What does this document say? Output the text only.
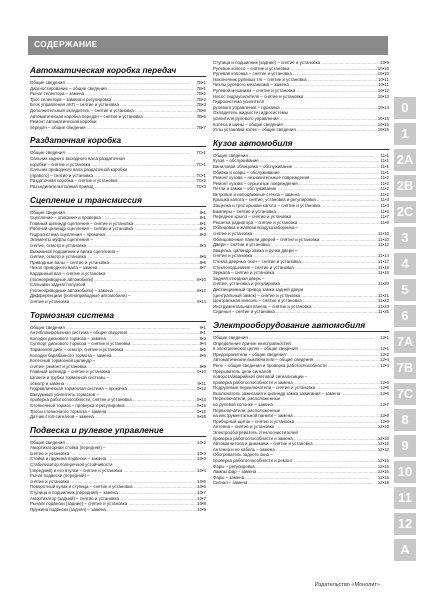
СОДЕРЖАНИЕ
Автоматическая коробка передач
Общие сведения .....	7B•1
Диагностирование – общие сведения .....	7B•1
Рычаг селектора – замена .....	7B•2
Трос селектора – замена и регулировка .....	7B•2
Блок управления АКП – снятие и установка .....	7B•3
Дополнительный охладитель – снятие и установка .....	7B•5
Автоматическая коробка передач – снятие и установка .....	7B•5
Ремонт автоматической коробки
передач – общие сведения .....	7B•7
Раздаточная коробка
Общие сведения .....	7C•1
Сальник заднего выходного вала раздаточной
коробки – снятие и установка .....	7C•1
Сальник приводного вала раздаточной коробки
(правого) – снятие и установка .....	7C•1
Раздаточная коробка – снятие и установка .....	7C•2
Разъединитель/полный привод .....	7C•3
Сцепление и трансмиссия
Общие сведения .....	8•1
Сцепление – описание и проверка .....	8•1
Главный цилиндр сцепления – снятие и установка .....	8•1
Рабочий цилиндр сцепления – снятие и установка .....	8•2
Гидросистема сцепления – прокачка .....	8•2
Элементы муфты сцепления –
снятие, осмотр и установка .....	8•3
Выжимной подшипник и вилка сцепления –
снятие, осмотр и установка .....	8•5
Приводные валы – снятие и установка .....	8•6
Чехол приводного вала – замена .....	8•7
Карданный вал – снятие и установка
(полноприводные автомобили) .....	8•10
Сальники задних полуосей
(полноприводные автомобили) – замена .....	8•12
Дифференциал (полноприводные автомобили) –
снятие и установка .....	8•14
Тормозная система
Общие сведения .....	9•1
Антиблокировочная система – общие сведения .....	9•1
Колодки дискового тормоза – замена .....	9•3
Суппорт дискового тормоза – снятие и установка .....	9•4
Тормозной диск – осмотр, снятие и установка .....	9•5
Колодки барабанного тормоза – замена .....	9•6
Колесный тормозной цилиндр –
снятие, ремонт и установка .....	9•9
Главный цилиндр – снятие и установка .....	9•10
Шланги и трубки тормозной системы –
осмотр и замена .....	9•11
Гидравлическая тормозная система – прокачка .....	9•12
Вакуумный усилитель тормозов –
проверка работоспособности, снятие и установка .....	9•13
Стояночный тормоз – проверка и регулировка .....	9•15
Тросы стояночного тормоза – замена .....	9•15
Датчик стоп-сигналов – замена .....	9•16
Подвеска и рулевое управление
Общие сведения .....	10•2
Амортизаторная стойка (передняя) –
снятие и установка .....	10•3
Стойка и пружина подвески – замена .....	10•3
Стабилизатор поперечной устойчивости
(передний) и его втулки – снятие и установка .....	10•4
Рычаг подвески (передний) –
снятие и установка .....	10•5
Поворотный кулак и ступица – снятие и установка .....	10•6
Ступица и подшипник (передний) – замена .....	10•7
Амортизатор (задний) – снятие и установка .....	10•7
Рычаги подвески (задние) – снятие и установка .....	10•8
Пружина подвески (задняя) – замена .....	10•9
Ступица и подшипник (задние) – снятие и установка .....	10•9
Рулевое колесо – снятие и установка .....	10•10
Рулевая колонка – снятие и установка .....	10•10
Наконечник рулевых тяг – снятие и установка .....	10•11
Чехлы рулевого механизма – замена .....	10•11
Рулевой механизм – снятие и установка .....	10•12
Насос гидроусилителя – снятие и установка .....	10•13
Гидросистема усилителя
рулевого управления – прокачка .....	10•14
Охладитель жидкости гидросистемы
усилителя рулевого управления .....	10•15
Колеса и шины – общие сведения .....	10•15
Углы установки колес – общие сведения .....	10•15
Кузов автомобиля
Общие сведения .....	11•1
Кузов – обслуживание .....	11•1
Виниловая облицовка – обслуживание .....	11•1
Обивка и ковры – обслуживание .....	11•1
Ремонт кузова – незначительные повреждения .....	11•2
Ремонт кузова – серьезные повреждения .....	11•2
Петли и замки – обслуживание .....	11•2
Ветровое и неподвижные стекла – замена .....	11•2
Крышка капота – снятие, установка и регулировка .....	11•3
Защелка и трос крышки капота – снятие и установка .....	11•3
Бамперы – снятие и установка .....	11•5
Переднее крыло – снятие и установка .....	11•7
Решетка радиатора – снятие и установка .....	11•8
Облицовка и жалюзи воздухозаборника –
снятие и установка .....	11•10
Облицовочные панели дверей – снятие и установка .....	11•10
Двери – снятие и установка .....	11•12
Защелка, цилиндр замка и ручка двери –
снятие и установка .....	11•14
Стекла дверных окон – снятие и установка .....	11•17
Стеклоподъемник – снятие и установка .....	11•18
Зеркала – снятие и установка .....	11•19
Задняя откидная дверь –
снятие, установка и регулировка .....	11•20
Дистанционный привод замка задней двери
(центральный замок) – снятие и установка .....	11•21
Центральная консоль – снятие и установка .....	11•22
Инструментальная панель – снятие и установка .....	11•23
Сиденья – снятие и установка .....	11•25
Электрооборудование автомобиля
Общие сведения .....	12•1
Определение причин неисправностей
в электрических цепях – общие сведения .....	12•1
Предохранители – общие сведения .....	12•2
Автоматические выключатели – общие сведения .....	12•4
Реле – общие сведения и проверка работоспособности .....	12•4
Прерыватель цепи сигналов
поворота/аварийной световой сигнализации –
проверка работоспособности и замена .....	12•5
Подрулевые переключатели – снятие и установка .....	12•6
Выключатель зажигания и цилиндр замка зажигания – замена .....	12•6
Переключатели, расположенные
на рулевой колонке – замена .....	12•7
Переключатели, расположенные
на инструментальной панели – замена .....	12•8
Приборный щиток – снятие и установка .....	12•9
Антенна – снятие и установка .....	12•10
Электрообогреватель стеклоочистителей
проверка работоспособности и замена .....	12•10
Автомагнитола и динамики – снятие и установка .....	12•12
Антенна и ее кабель – замена .....	12•12
Обогреватель заднего окна –
проверка работоспособности и ремонт .....	12•15
Фары – регулировка .....	12•16
Лампы фар – замена .....	12•16
Фары – замена .....	12•16
Сигнал – замена .....	12•18
0
1
2A
2B
2C
3
4
5
6
7A
7B
7C
8
9
10
11
12
A
Издательство «Монолит»
